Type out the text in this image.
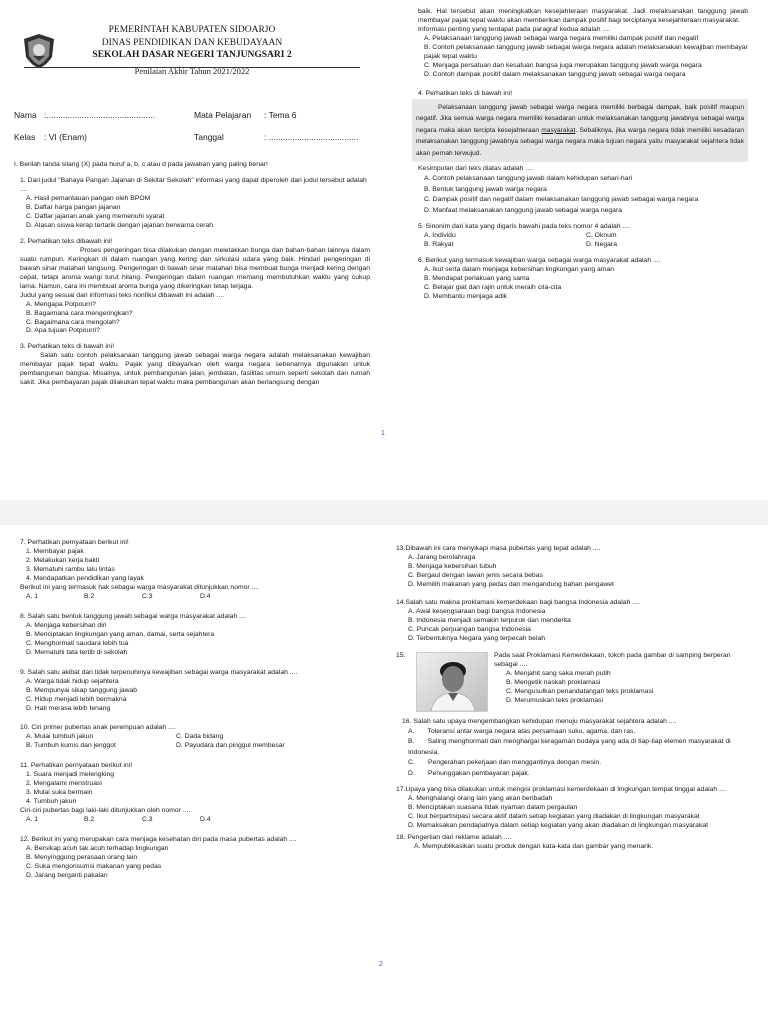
PEMERINTAH KABUPATEN SIDOARJO
DINAS PENDIDIKAN DAN KEBUDAYAAN
SEKOLAH DASAR NEGERI TANJUNGSARI 2
Penilaian Akhir Tahun 2021/2022
Nama :..............................................	Mata Pelajaran	: Tema 6
Kelas	: VI (Enam)	Tanggal	: ......................................
I. Berilah tanda silang (X) pada huruf a, b, c atau d pada jawaban yang paling benar!
1. Dari judul "Bahaya Pangan Jajanan di Sekitar Sekolah" informasi yang dapat diperoleh dari judul tersebut adalah ....
A. Hasil pemantauan pangan oleh BPOM
B. Daftar harga pangan jajanan
C. Daftar jajanan anak yang memenuhi syarat
D. Alasan siswa kerap tertarik dengan jajanan berwarna cerah
2. Perhatikan teks dibawah ini!
Proses pengeringan bisa dilakukan dengan meletakkan bunga dan bahan-bahan lainnya dalam suatu rumpun. Keringkan di dalam ruangan yang kering dan sirkulasi udara yang baik. Hindari pengeringan di bawah sinar matahari langsung. Pengeringan di bawah sinar matahari bisa membuat bunga menjadi kering dengan cepat, tetapi aroma wangi turut hilang. Pengeringan dalam ruangan memang membutuhkan waktu yang cukup lama. Namun, cara ini membuat aroma bunga yang dikeringkan tetap terjaga.
Judul yang sesuai dari informasi teks nonfiksi dibawah ini adalah ....
A. Mengapa Potpourri?
B. Bagaimana cara mengeringkan?
C. Bagaimana cara mengolah?
D. Apa tujuan Potpourri?
3. Perhatikan teks di bawah ini!
Salah satu contoh pelaksanaan tanggung jawab sebagai warga negara adalah melaksanakan kewajiban membayar pajak tepat waktu. Pajak yang dibayarkan oleh warga negara sebenarnya digunakan untuk pembangunan bangsa. Misalnya, untuk pembangunan jalan, jembatan, fasilitas umum seperti sekolah dan rumah sakit. Jika pembayaran pajak dilakukan tepat waktu maka pembangunan akan berlangsung dengan
baik. Hal tersebut akan meningkatkan kesejahteraan masyarakat. Jadi melaksanakan tanggung jawab membayar pajak tepat waktu akan memberikan dampak positif bagi terciptanya kesejahteraan masyarakat.
Informasi penting yang terdapat pada paragraf kedua adalah ....
A. Pelaksanaan tanggung jawab sebagai warga negara memiliki dampak positif dan negatif
B. Contoh pelaksanaan tanggung jawab sebagai warga negara adalah melaksanakan kewajiban membayar pajak tepat waktu
C. Menjaga persatuan dan kesatuan bangsa juga merupakan tanggung jawab warga negara
D. Contoh dampak positif dalam melaksanakan tanggung jawab sebagai warga negara
4. Perhatikan teks di bawah ini!
Pelaksanaan tanggung jawab sebagai warga negara memiliki berbagai dampak, baik positif maupun negatif. Jika semua warga negara memiliki kesadaran untuk melaksanakan tanggung jawabnya sebagai warga negara maka akan tercipta kesejahteraan masyarakat. Sebaliknya, jika warga negara tidak memiliki kesadaran melaksanakan tanggung jawabnya sebagai warga negara maka tujuan negara yaitu masyarakat sejahtera tidak akan pernah terwujud.
Kesimpulan dari teks diatas adalah ....
A. Contoh pelaksanaan tanggung jawab dalam kehidupan sehari-hari
B. Bentuk tanggung jawab warga negara
C. Dampak positif dan negatif dalam melaksanakan tanggung jawab sebagai warga negara
D. Manfaat melaksanakan tanggung jawab sebagai warga negara
5. Sinonim dari kata yang digaris bawahi pada teks nomor 4 adalah ....
A. Individu	C. Oknum
B. Rakyat	D. Negara
6. Berikut yang termasuk kewajiban warga sebagai warga masyarakat adalah ....
A. Ikut serta dalam menjaga kebersihan lingkungan yang aman
B. Mendapat perlakuan yang sama
C. Belajar giat dan rajin untuk meraih cita-cita
D. Membantu menjaga adik
1
7. Perhatikan pernyataan berikut ini!
1. Membayar pajak
2. Melakukan kerja bakti
3. Mematuhi rambu lalu lintas
4. Mendapatkan pendidikan yang layak
Berikut ini yang termasuk hak sebagai warga masyarakat ditunjukkan nomor ....
A. 1	B.2	C.3	D.4
8. Salah satu bentuk tanggung jawab sebagai warga masyarakat adalah ....
A. Menjaga kebersihan diri
B. Menciptakan lingkungan yang aman, damai, serta sejahtera
C. Menghormati saudara lebih tua
D. Mematuhi tata tertib di sekolah
9. Salah satu akibat dari tidak terpenuhinya kewajiban sebagai warga masyarakat adalah ....
A. Warga tidak hidup sejahtera
B. Mempunyai sikap tanggung jawab
C. Hidup menjadi lebih bermakna
D. Hati merasa lebih tenang
10. Ciri primer pubertas anak perempuan adalah ....
A. Mulai tumbuh jakun	C. Dada bidang
B. Tumbuh kumis dan jenggot	D. Payudara dan pinggul membesar
11. Perhatikan pernyataan berikut ini!
1. Suara menjadi melengking
2. Mengalami menstruasi
3. Mulai suka bermain
4. Tumbuh jakun
Ciri-ciri pubertas bagi laki-laki ditunjukkan oleh nomor ....
A. 1	B.2	C.3	D.4
12. Berikut ini yang merupakan cara menjaga kesehatan diri pada masa pubertas adalah ....
A. Bersikap acuh tak acuh terhadap lingkungan
B. Menyinggung perasaan orang lain
C. Suka mengonsumsi makanan yang pedas
D. Jarang berganti pakaian
13.Dibawah ini cara menyikapi masa pubertas yang tepat adalah ....
A. Jarang berolahraga
B. Menjaga kebersihan tubuh
C. Bergaul dengan lawan jenis secara bebas
D. Memilih makanan yang pedas dan mengandung bahan pengawet
14.Salah satu makna proklamasi kemerdekaan bagi bangsa Indonesia adalah ....
A. Awal kesengsaraan bagi bangsa Indonesia
B. Indonesia menjadi semakin terpuruk dan menderita
C. Puncak perjuangan bangsa Indonesia
D. Terbentuknya Negara yang terpecah belah
15.	Pada saat Proklamasi Kemerdekaan, tokoh pada gambar di samping berperan sebagai ....
A. Menjahit sang saka merah putih
B. Mengetik naskah proklamasi
C. Mengusulkan penandatangan teks proklamasi
D. Merumuskan teks proklamasi
16. Salah satu upaya mengembangkan kehidupan menuju masyarakat sejahtera adalah ....
A.       Toleransi antar warga negara atas persamaan suku, agama, dan ras.
B.       Saling menghormati dan menghargai keragaman budaya yang ada di tiap-tiap elemen masyarakat di Indonesia.
C.       Pengerahan pekerjaan dan menggantinya dengan mesin.
D.       Penunggakan pembayaran pajak.
17.Upaya yang bisa dilakukan untuk mengisi proklamasi kemerdekaan di lingkungan tempat tinggal adalah ....
A. Menghalangi orang lain yang akan beribadah
B. Menciptakan suasana tidak nyaman dalam pergaulan
C. Ikut berpartisipasi secara aktif dalam setiap kegiatan yang diadakan di lingkungan masyarakat
D. Memaksakan pendapatnya dalam setiap kegiatan yang akan diadakan di lingkungan masyarakat
18. Pengertian dari reklame adalah ....
A. Mempublikasikan suatu produk dengan kata-kata dan gambar yang menarik.
2
